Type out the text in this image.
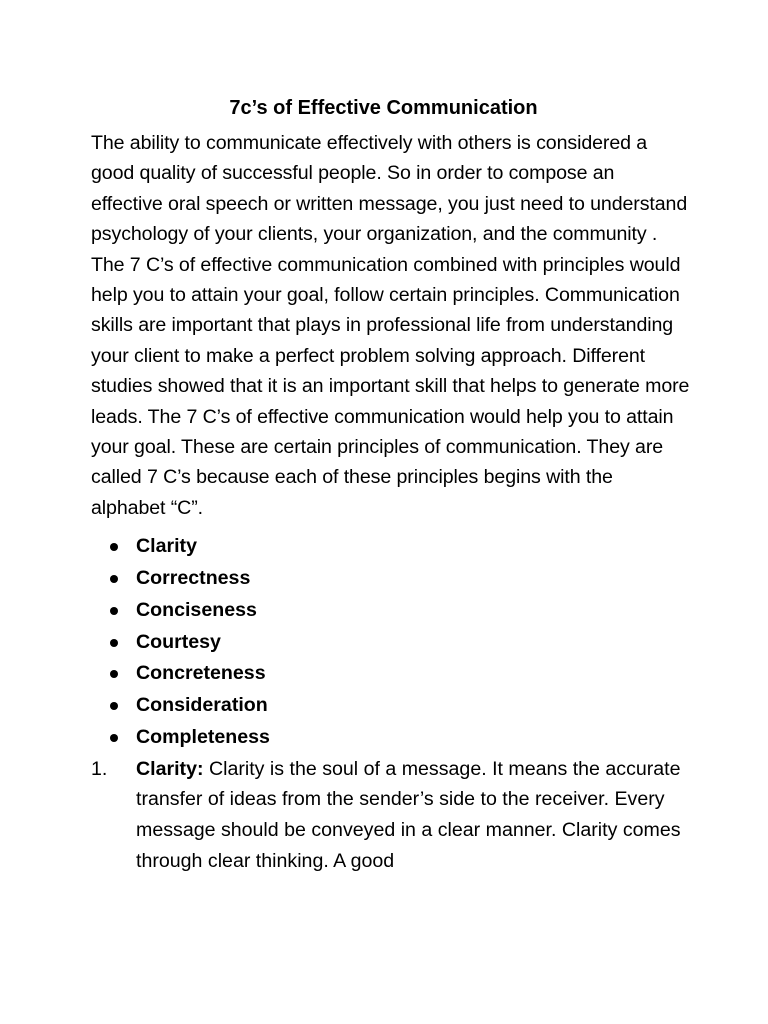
7c’s of Effective Communication

The ability to communicate effectively with others is considered a good quality of successful people. So in order to compose an effective oral speech or written message, you just need to understand psychology of your clients, your organization, and the community . The 7 C’s of effective communication combined with principles would help you to attain your goal, follow certain principles. Communication skills are important that plays in professional life from understanding your client to make a perfect problem solving approach. Different studies showed that it is an important skill that helps to generate more leads. The 7 C’s of effective communication would help you to attain your goal. These are certain principles of communication. They are called 7 C’s because each of these principles begins with the alphabet “C”.

Clarity
Correctness
Conciseness
Courtesy
Concreteness
Consideration
Completeness
1. Clarity: Clarity is the soul of a message. It means the accurate transfer of ideas from the sender’s side to the receiver. Every message should be conveyed in a clear manner. Clarity comes through clear thinking. A good
